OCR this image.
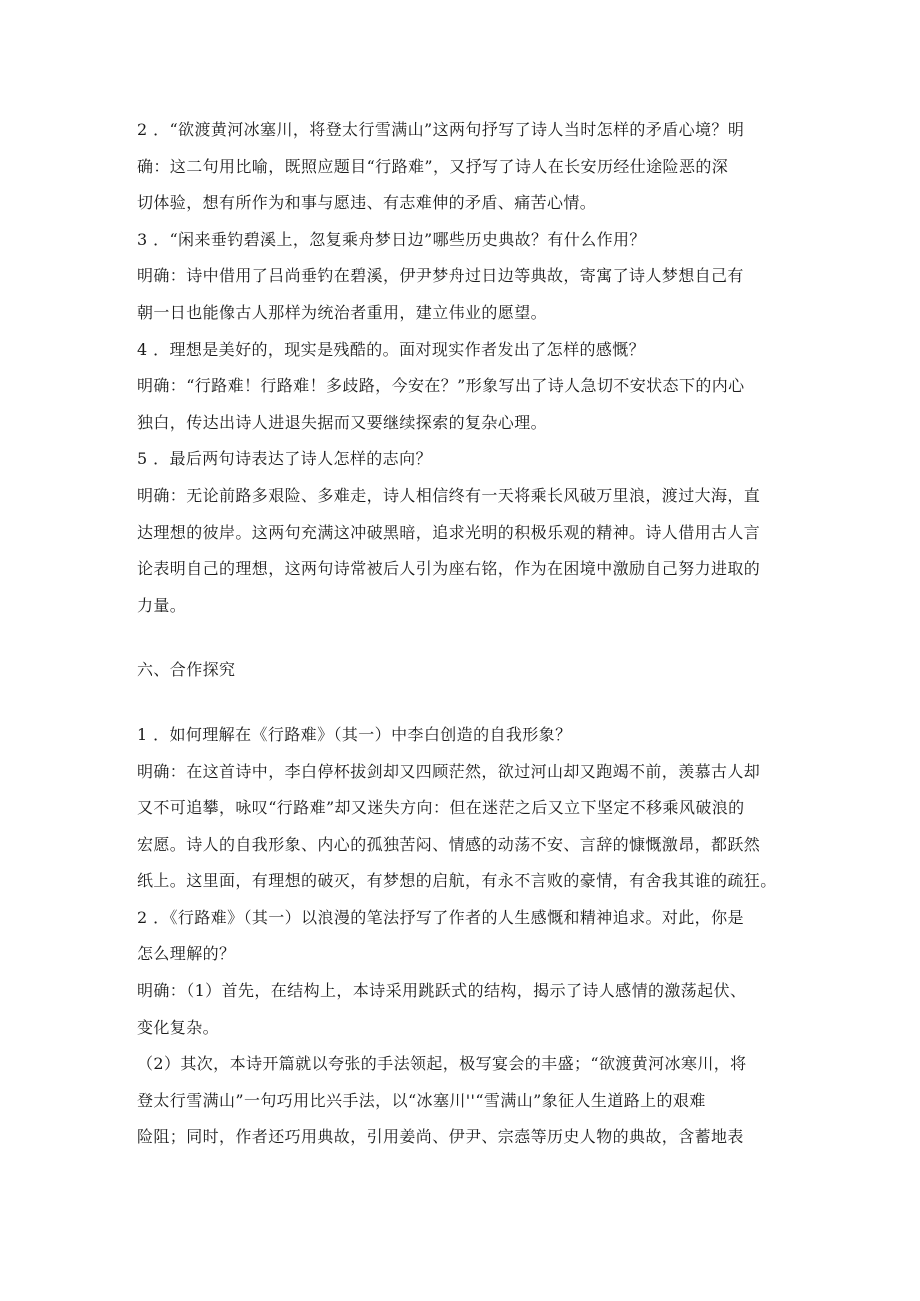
2 ．“欲渡黄河冰塞川，将登太行雪满山”这两句抒写了诗人当时怎样的矛盾心境？明
确：这二句用比喻，既照应题目“行路难”，又抒写了诗人在长安历经仕途险恶的深
切体验，想有所作为和事与愿违、有志难伸的矛盾、痛苦心情。
3 ．“闲来垂钓碧溪上，忽复乘舟梦日边”哪些历史典故？有什么作用？
明确：诗中借用了吕尚垂钓在碧溪，伊尹梦舟过日边等典故，寄寓了诗人梦想自己有
朝一日也能像古人那样为统治者重用，建立伟业的愿望。
4 ．理想是美好的，现实是残酷的。面对现实作者发出了怎样的感慨？
明确：“行路难！行路难！多歧路，今安在？”形象写出了诗人急切不安状态下的内心
独白，传达出诗人进退失据而又要继续探索的复杂心理。
5 ．最后两句诗表达了诗人怎样的志向？
明确：无论前路多艰险、多难走，诗人相信终有一天将乘长风破万里浪，渡过大海，直
达理想的彼岸。这两句充满这冲破黑暗，追求光明的积极乐观的精神。诗人借用古人言
论表明自己的理想，这两句诗常被后人引为座右铭，作为在困境中激励自己努力进取的
力量。
六、合作探究
1 ．如何理解在《行路难》（其一）中李白创造的自我形象？
明确：在这首诗中，李白停杯拔剑却又四顾茫然，欲过河山却又跑竭不前，羡慕古人却
又不可追攀，咏叹“行路难”却又迷失方向：但在迷茫之后又立下坚定不移乘风破浪的
宏愿。诗人的自我形象、内心的孤独苦闷、情感的动荡不安、言辞的慷慨激昂，都跃然
纸上。这里面，有理想的破灭，有梦想的启航，有永不言败的豪情，有舍我其谁的疏狂。
2 ．《行路难》（其一）以浪漫的笔法抒写了作者的人生感慨和精神追求。对此，你是
怎么理解的？
明确：（1）首先，在结构上，本诗采用跳跃式的结构，揭示了诗人感情的激荡起伏、
变化复杂。
（2）其次，本诗开篇就以夸张的手法领起，极写宴会的丰盛；“欲渡黄河冰寒川，将
登太行雪满山”一句巧用比兴手法，以“冰塞川''“雪满山”象征人生道路上的艰难
险阻；同时，作者还巧用典故，引用姜尚、伊尹、宗悫等历史人物的典故，含蓄地表
